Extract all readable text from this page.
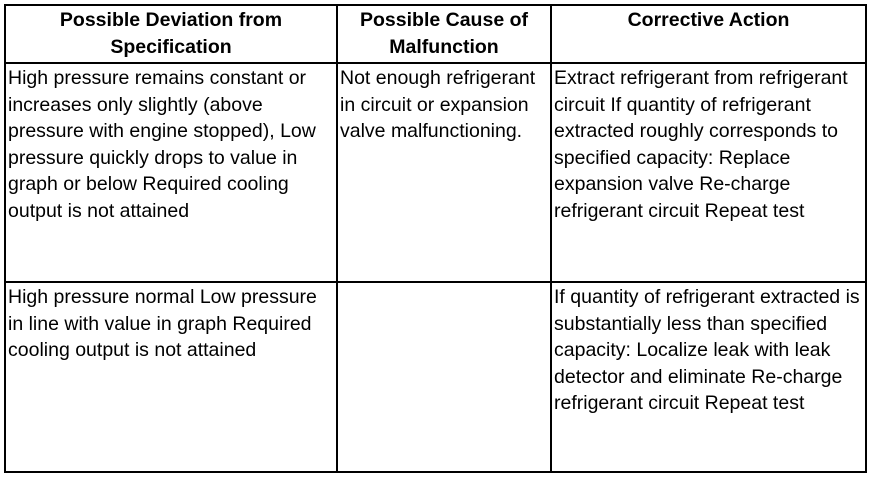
Possible Deviation from Specification	Possible Cause of Malfunction	Corrective Action
High pressure remains constant or increases only slightly (above pressure with engine stopped), Low pressure quickly drops to value in graph or below Required cooling output is not attained	Not enough refrigerant in circuit or expansion valve malfunctioning.	Extract refrigerant from refrigerant circuit If quantity of refrigerant extracted roughly corresponds to specified capacity: Replace expansion valve Re-charge refrigerant circuit Repeat test
High pressure normal Low pressure in line with value in graph Required cooling output is not attained		If quantity of refrigerant extracted is substantially less than specified capacity: Localize leak with leak detector and eliminate Re-charge refrigerant circuit Repeat test
